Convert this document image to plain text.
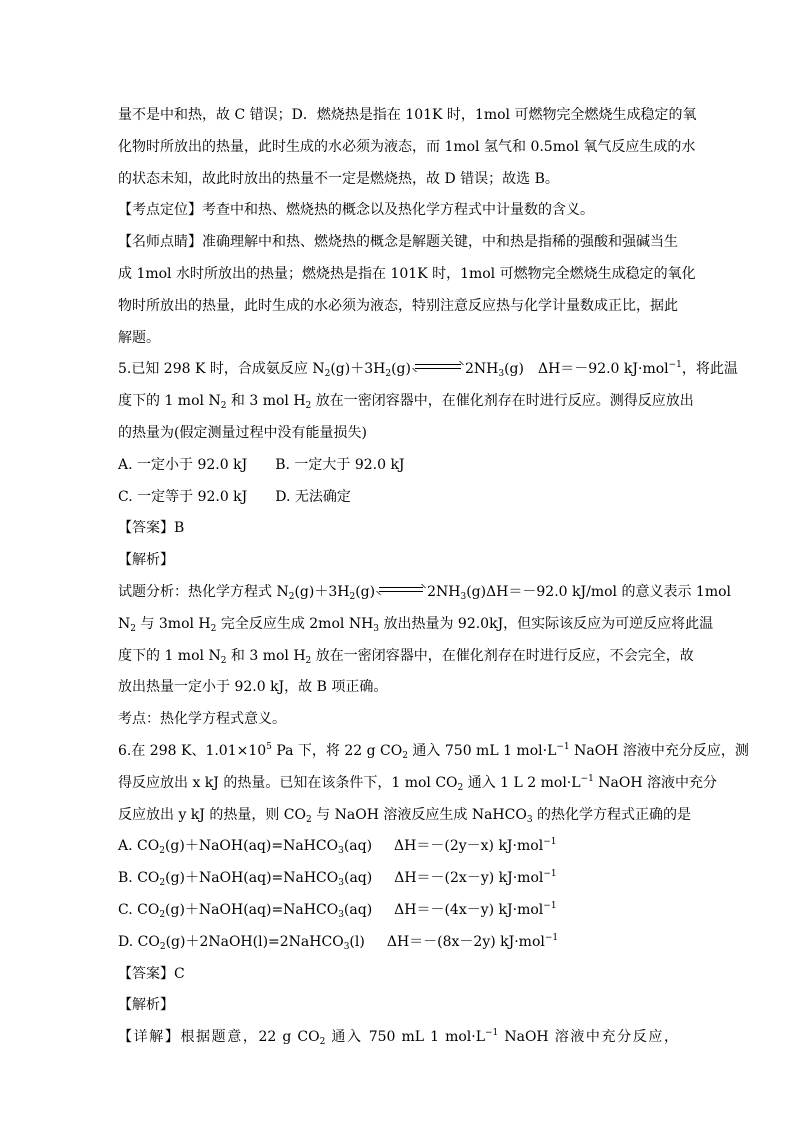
量不是中和热，故 C 错误；D．燃烧热是指在 101K 时，1mol 可燃物完全燃烧生成稳定的氧
化物时所放出的热量，此时生成的水必须为液态，而 1mol 氢气和 0.5mol 氧气反应生成的水
的状态未知，故此时放出的热量不一定是燃烧热，故 D 错误；故选 B。
【考点定位】考查中和热、燃烧热的概念以及热化学方程式中计量数的含义。
【名师点睛】准确理解中和热、燃烧热的概念是解题关键，中和热是指稀的强酸和强碱当生
成 1mol 水时所放出的热量；燃烧热是指在 101K 时，1mol 可燃物完全燃烧生成稳定的氧化
物时所放出的热量，此时生成的水必须为液态，特别注意反应热与化学计量数成正比，据此
解题。
5.已知 298 K 时，合成氨反应 $N_2(g)+3H_2(g)$	$2NH_3(g)$　ΔH＝－92.0 kJ·mol$^{-1}$，将此温
度下的 1 mol $N_2$ 和 3 mol $H_2$ 放在一密闭容器中，在催化剂存在时进行反应。测得反应放出
的热量为(假定测量过程中没有能量损失)
A. 一定小于 92.0 kJ B. 一定大于 92.0 kJ
C. 一定等于 92.0 kJ D. 无法确定
【答案】B
【解析】
试题分析：热化学方程式 $N_2(g)+3H_2(g)$	$2NH_3(g)\Delta H=-92.0$ kJ/mol 的意义表示 1mol
$N_2$ 与 3mol $H_2$ 完全反应生成 2mol $NH_3$ 放出热量为 92.0kJ，但实际该反应为可逆反应将此温
度下的 1 mol $N_2$ 和 3 mol $H_2$ 放在一密闭容器中，在催化剂存在时进行反应，不会完全，故
放出热量一定小于 92.0 kJ，故 B 项正确。
考点：热化学方程式意义。
6.在 298 K、$1.01\times 10^5$ Pa 下，将 22 g $CO_2$ 通入 750 mL 1 $mol\cdot L^{-1}$ NaOH 溶液中充分反应，测
得反应放出 x kJ 的热量。已知在该条件下，1 mol $CO_2$ 通入 1 L 2 $mol\cdot L^{-1}$ NaOH 溶液中充分
反应放出 y kJ 的热量，则 $CO_2$ 与 NaOH 溶液反应生成 NaHCO$_3$ 的热化学方程式正确的是
A. $CO_2(g)+NaOH(aq)=NaHCO_3(aq)$ ΔH＝－(2y－x) kJ·mol$^{-1}$
B. $CO_2(g)+NaOH(aq)=NaHCO_3(aq)$ ΔH＝－(2x－y) kJ·mol$^{-1}$
C. $CO_2(g)+NaOH(aq)=NaHCO_3(aq)$ ΔH＝－(4x－y) kJ·mol$^{-1}$
D. $CO_2(g)+2NaOH(l)=2NaHCO_3(l)$ ΔH＝－(8x－2y) kJ·mol$^{-1}$
【答案】C
【解析】
【详解】根据题意，22 g $CO_2$ 通入 750 mL 1 $mol\cdot L^{-1}$ NaOH 溶液中充分反应，
